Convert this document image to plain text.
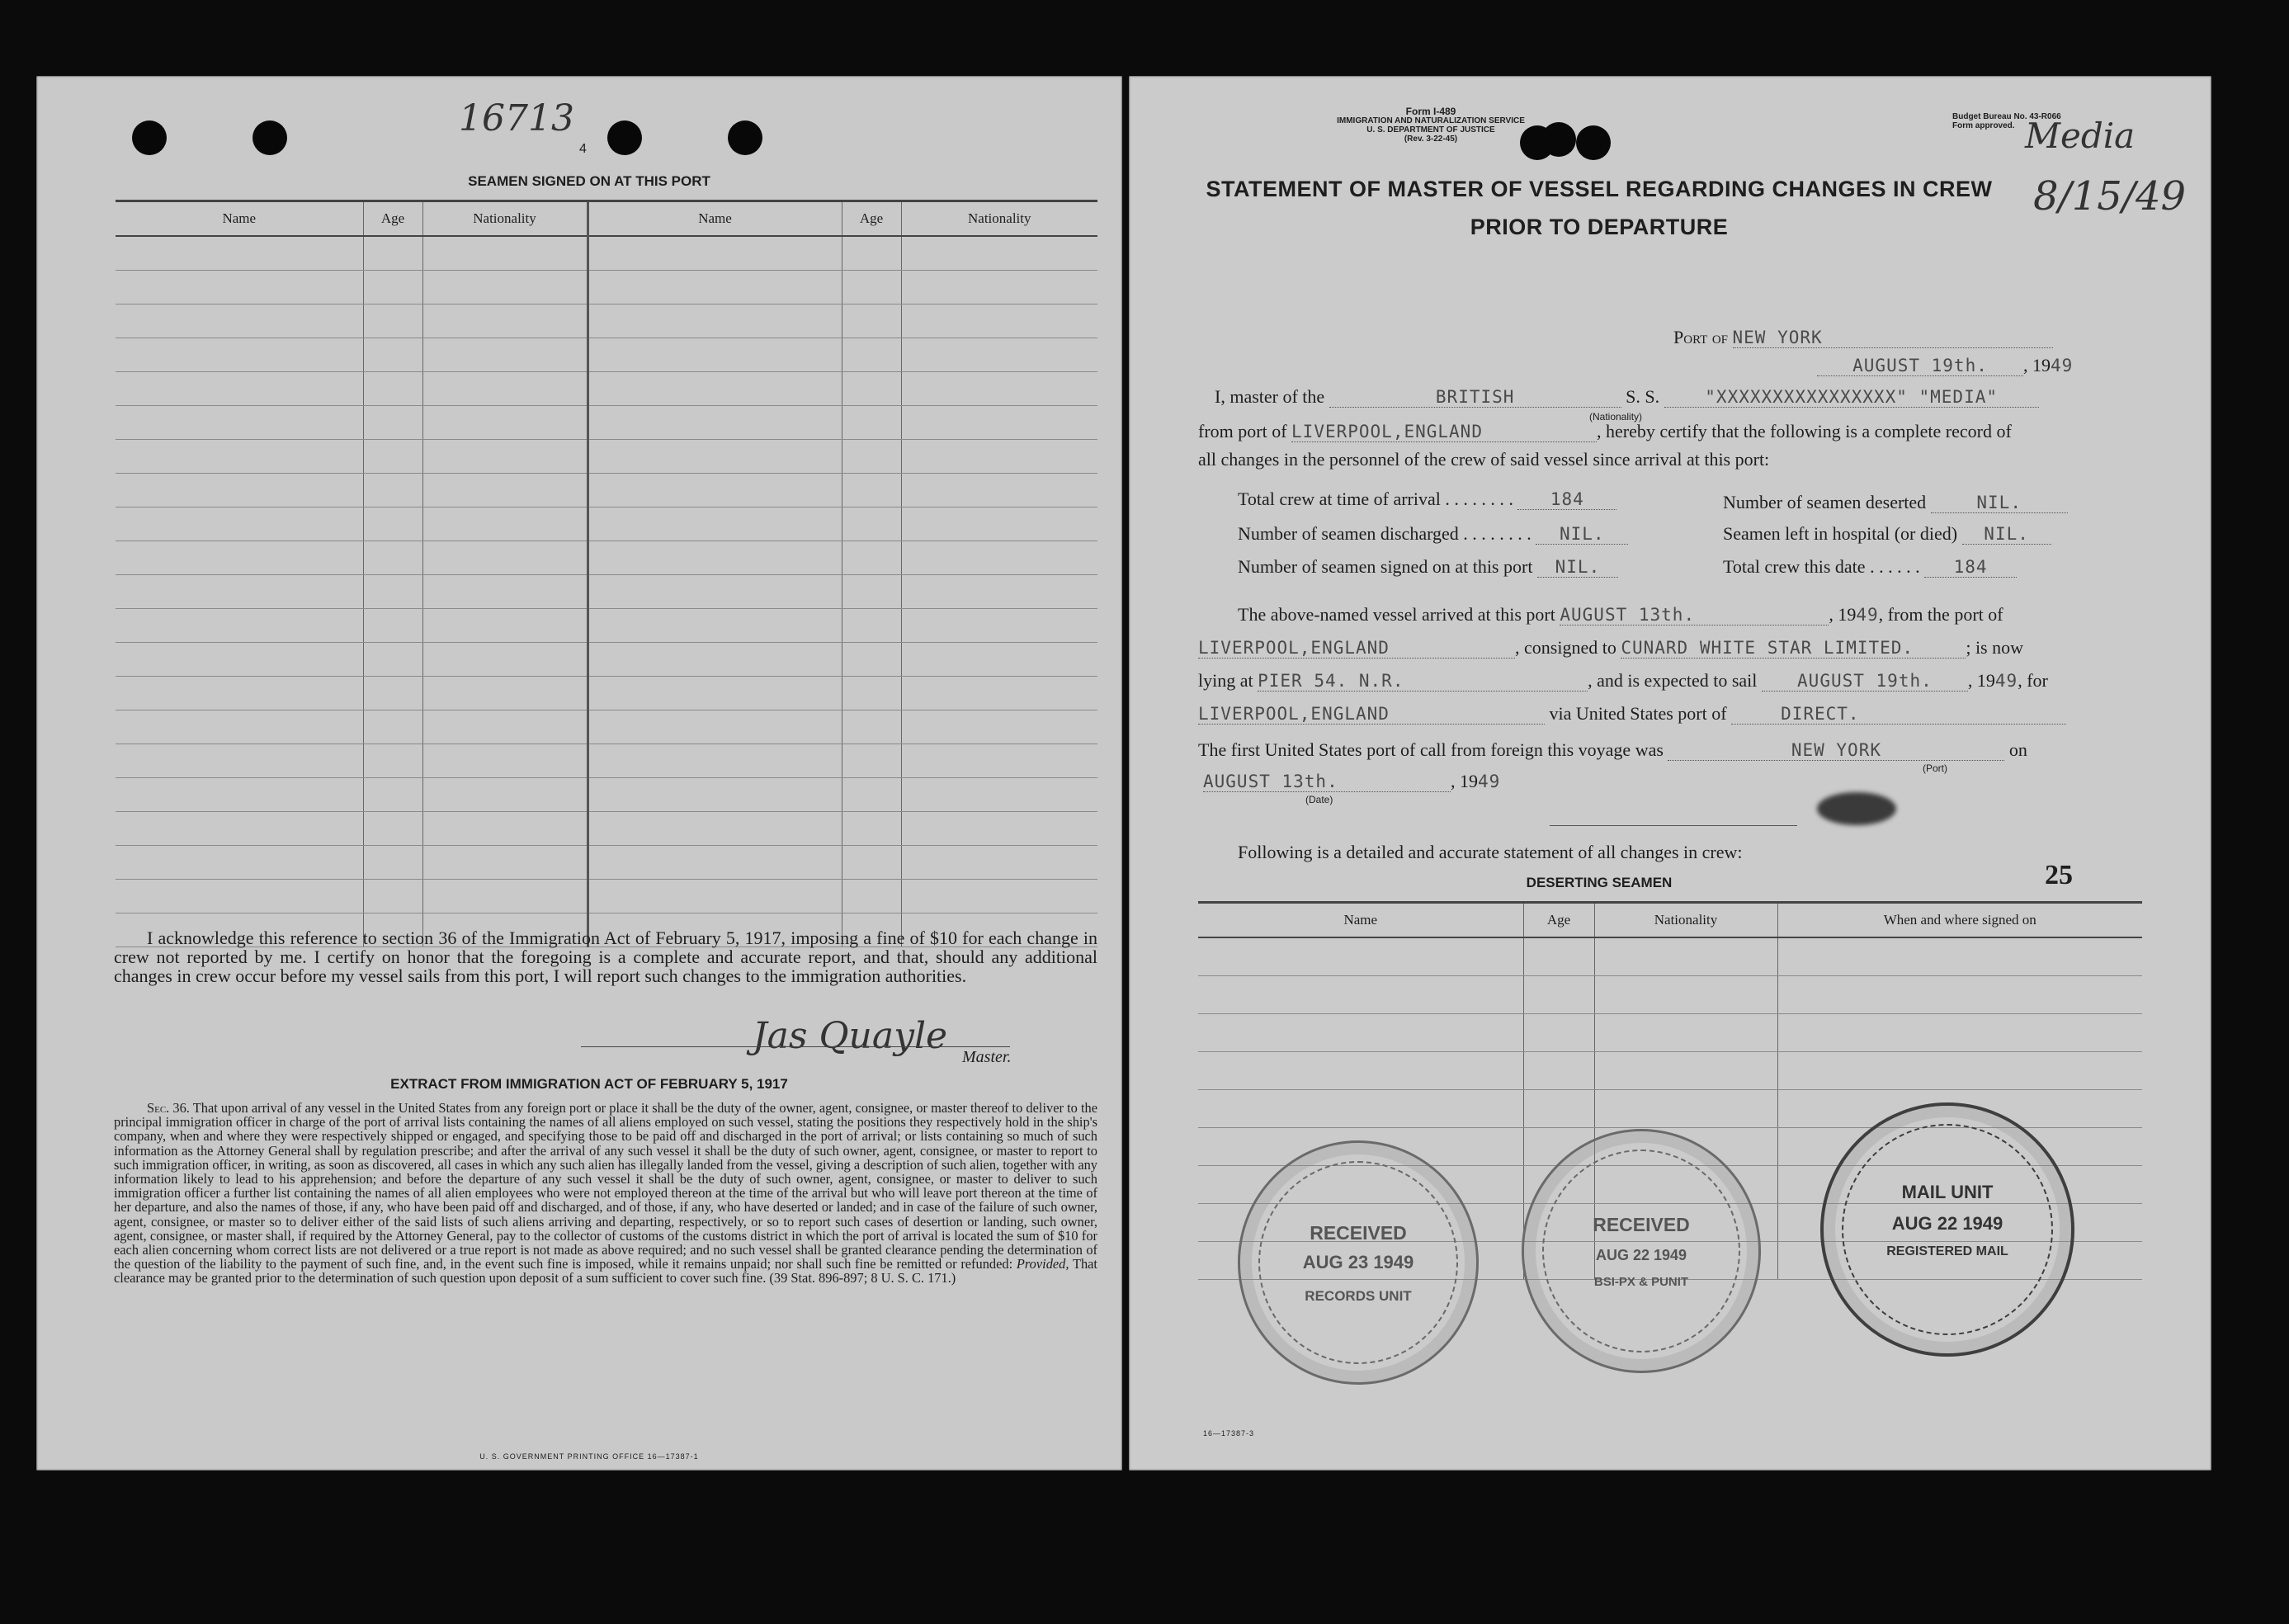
16713
4
SEAMEN SIGNED ON AT THIS PORT
Name	Age	Nationality	Name	Age	Nationality

I acknowledge this reference to section 36 of the Immigration Act of February 5, 1917, imposing a fine of $10 for each change in crew not reported by me. I certify on honor that the foregoing is a complete and accurate report, and that, should any additional changes in crew occur before my vessel sails from this port, I will report such changes to the immigration authorities.
Jas Quayle Master.
EXTRACT FROM IMMIGRATION ACT OF FEBRUARY 5, 1917
Sec. 36. That upon arrival of any vessel in the United States from any foreign port or place it shall be the duty of the owner, agent, consignee, or master thereof to deliver to the principal immigration officer in charge of the port of arrival lists containing the names of all aliens employed on such vessel, stating the positions they respectively hold in the ship's company, when and where they were respectively shipped or engaged, and specifying those to be paid off and discharged in the port of arrival; or lists containing so much of such information as the Attorney General shall by regulation prescribe; and after the arrival of any such vessel it shall be the duty of such owner, agent, consignee, or master to report to such immigration officer, in writing, as soon as discovered, all cases in which any such alien has illegally landed from the vessel, giving a description of such alien, together with any information likely to lead to his apprehension; and before the departure of any such vessel it shall be the duty of such owner, agent, consignee, or master to deliver to such immigration officer a further list containing the names of all alien employees who were not employed thereon at the time of the arrival but who will leave port thereon at the time of her departure, and also the names of those, if any, who have been paid off and discharged, and of those, if any, who have deserted or landed; and in case of the failure of such owner, agent, consignee, or master so to deliver either of the said lists of such aliens arriving and departing, respectively, or so to report such cases of desertion or landing, such owner, agent, consignee, or master shall, if required by the Attorney General, pay to the collector of customs of the customs district in which the port of arrival is located the sum of $10 for each alien concerning whom correct lists are not delivered or a true report is not made as above required; and no such vessel shall be granted clearance pending the determination of the question of the liability to the payment of such fine, and, in the event such fine is imposed, while it remains unpaid; nor shall such fine be remitted or refunded: Provided, That clearance may be granted prior to the determination of such question upon deposit of a sum sufficient to cover such fine. (39 Stat. 896-897; 8 U. S. C. 171.)
U. S. GOVERNMENT PRINTING OFFICE 16—17387-1
Form I-489
IMMIGRATION AND NATURALIZATION SERVICE
U. S. DEPARTMENT OF JUSTICE
(Rev. 3-22-45)
Budget Bureau No. 43-R066
Form approved. Media
8/15/49
STATEMENT OF MASTER OF VESSEL REGARDING CHANGES IN CREW
PRIOR TO DEPARTURE
Port of NEW YORK
AUGUST 19th. , 1949
I, master of the	BRITISH	S. S.	"XXXXXXXXXXXXXXXX" "MEDIA"
(Nationality)
from port of LIVERPOOL,ENGLAND	, hereby certify that the following is a complete record of
all changes in the personnel of the crew of said vessel since arrival at this port:
Total crew at time of arrival . . . . . . . . 184	Number of seamen deserted	NIL.
Number of seamen discharged . . . . . . . . NIL.	Seamen left in hospital (or died) NIL.
Number of seamen signed on at this port NIL.	Total crew this date . . . . . . 184
The above-named vessel arrived at this port AUGUST 13th.	, 1949, from the port of
LIVERPOOL,ENGLAND	, consigned to CUNARD WHITE STAR LIMITED.	; is now
lying at PIER 54. N.R.	, and is expected to sail AUGUST 19th. , 1949, for
LIVERPOOL,ENGLAND	via United States port of	DIRECT.
The first United States port of call from foreign this voyage was	NEW YORK	on
(Port)
AUGUST 13th.	, 1949
(Date)
Following is a detailed and accurate statement of all changes in crew:
DESERTING SEAMEN	25
Name	Age	Nationality	When and where signed on

RECEIVED
AUG 23 1949
RECORDS UNIT
RECEIVED
AUG 22 1949
BSI-PX & PUNIT
MAIL UNIT
AUG 22 1949
REGISTERED MAIL
16—17387-3
